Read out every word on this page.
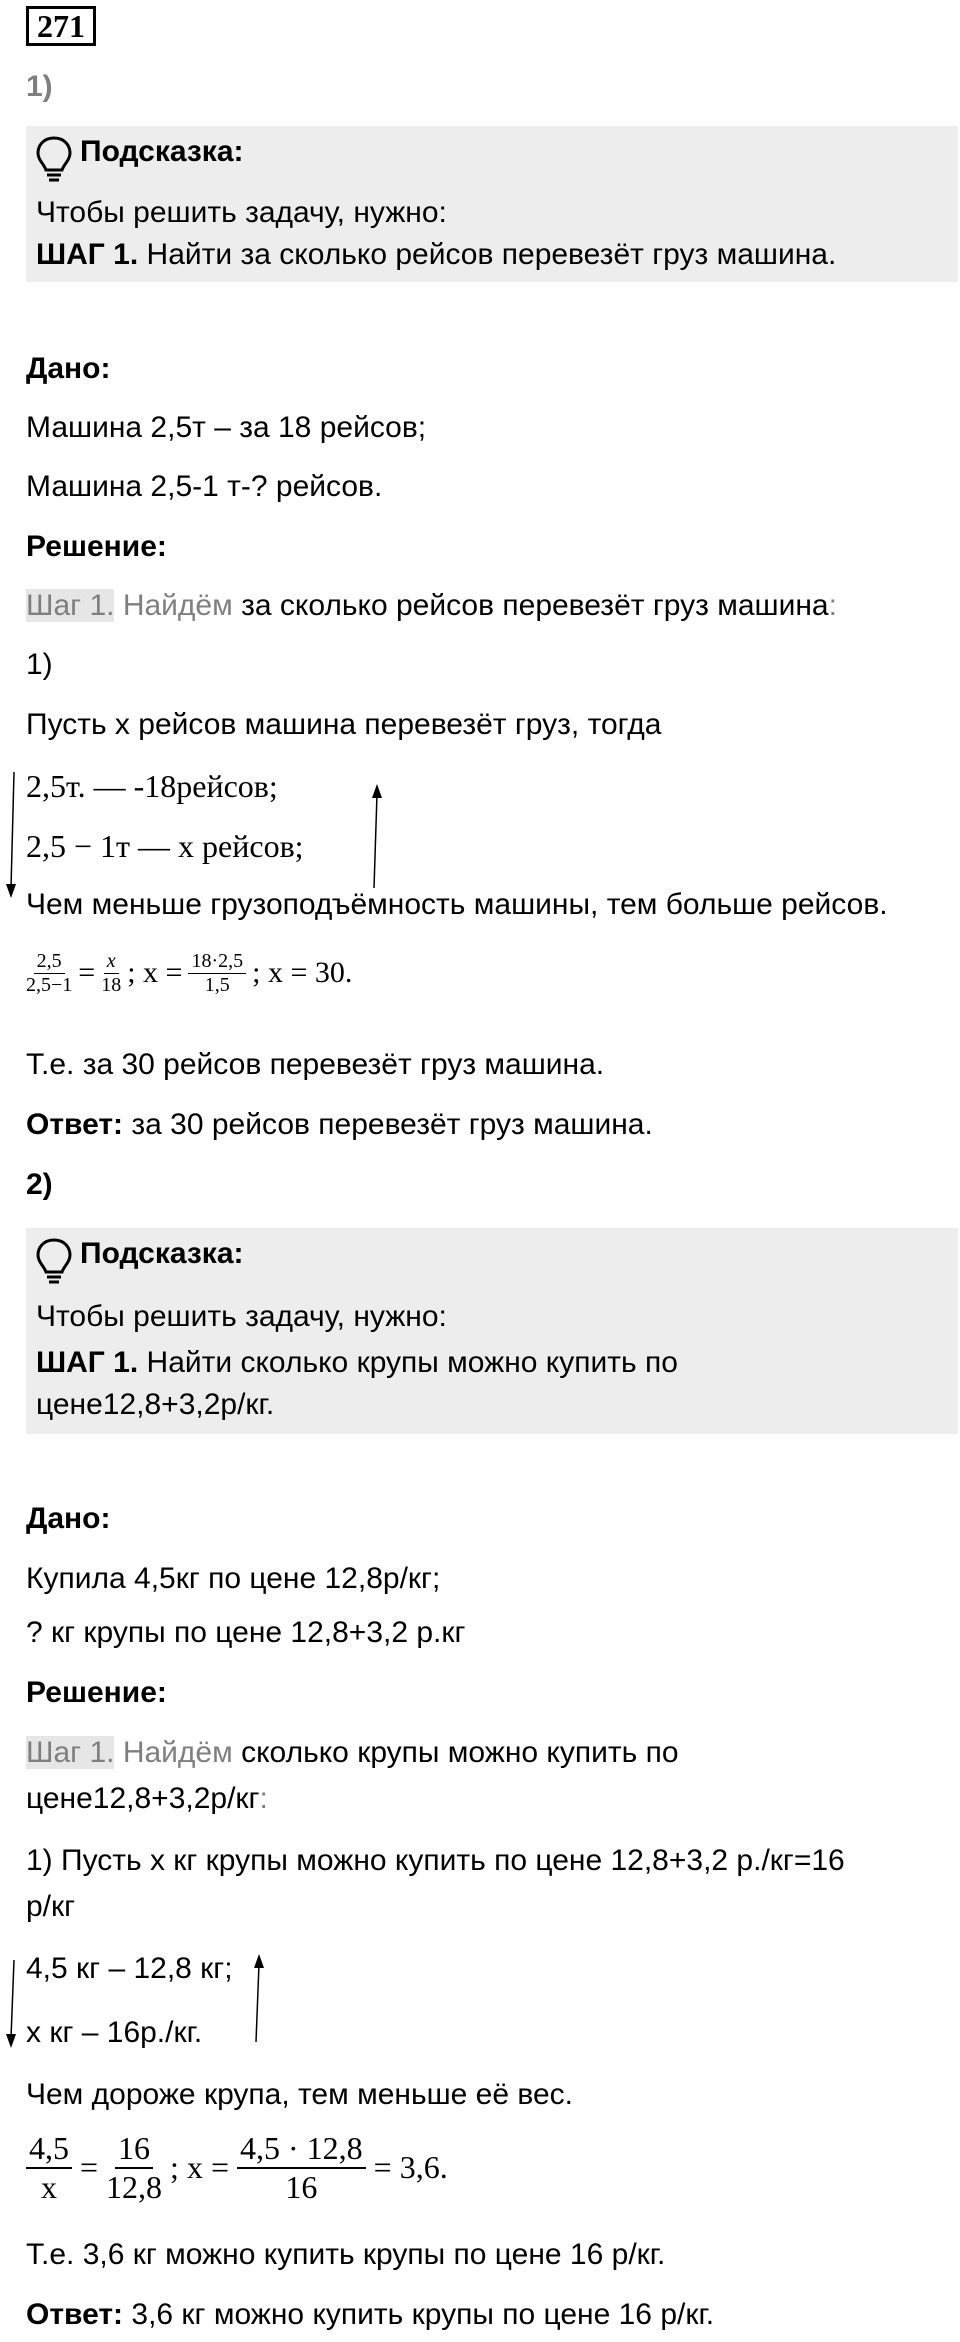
271
1)
Подсказка:
Чтобы решить задачу, нужно:
ШАГ 1. Найти за сколько рейсов перевезёт груз машина.
Дано:
Машина 2,5т – за 18 рейсов;
Машина 2,5-1 т-? рейсов.
Решение:
Шаг 1. Найдём за сколько рейсов перевезёт груз машина:
1)
Пусть x рейсов машина перевезёт груз, тогда
2,5т. — -18рейсов;
2,5 − 1т — x рейсов;
Чем меньше грузоподъёмность машины, тем больше рейсов.
$\frac{2,5}{2,5-1} = \frac{x}{18}$ ; $x = \frac{18\cdot 2,5}{1,5}$ ; x = 30.
Т.е. за 30 рейсов перевезёт груз машина.
Ответ: за 30 рейсов перевезёт груз машина.
2)
Подсказка:
Чтобы решить задачу, нужно:
ШАГ 1. Найти сколько крупы можно купить по
цене12,8+3,2р/кг.
Дано:
Купила 4,5кг по цене 12,8р/кг;
? кг крупы по цене 12,8+3,2 р.кг
Решение:
Шаг 1. Найдём сколько крупы можно купить по
цене12,8+3,2р/кг:
1) Пусть x кг крупы можно купить по цене 12,8+3,2 р./кг=16
р/кг
4,5 кг – 12,8 кг;
x кг – 16р./кг.
Чем дороже крупа, тем меньше её вес.
$\frac{4,5}{x} = \frac{16}{12,8}$ ; $x = \frac{4,5 \cdot 12,8}{16} = 3,6$.
Т.е. 3,6 кг можно купить крупы по цене 16 р/кг.
Ответ: 3,6 кг можно купить крупы по цене 16 р/кг.
